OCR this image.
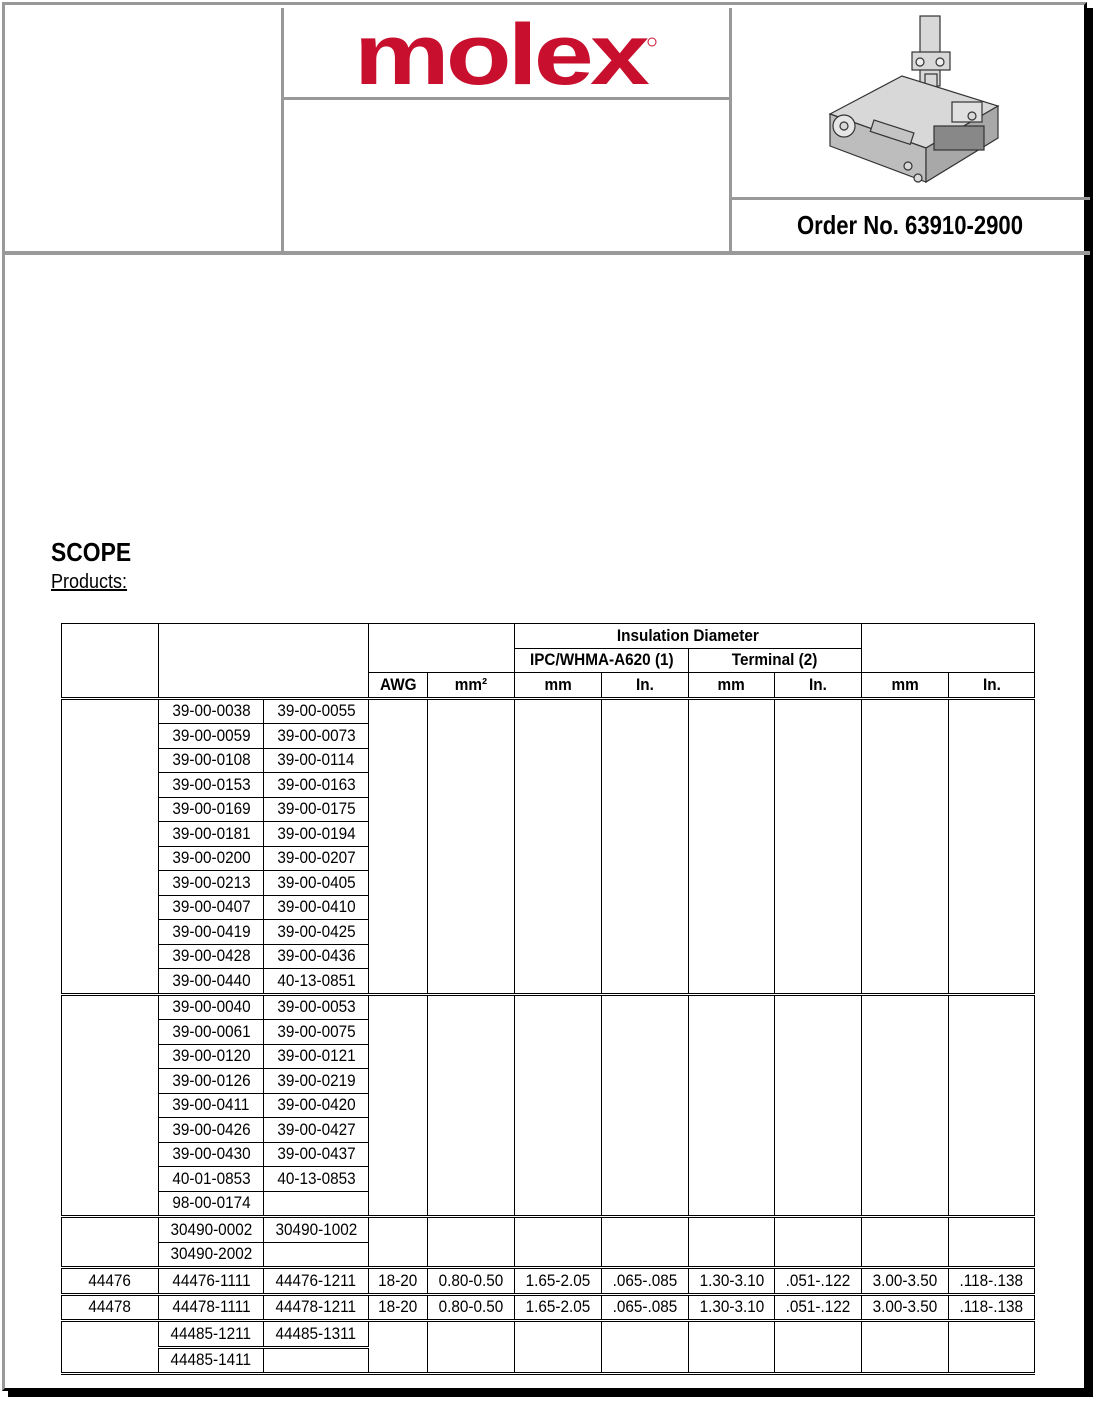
molex
Order No. 63910-2900
SCOPE
Products:
					Insulation Diameter					
					IPC/WHMA-A620 (1)		Terminal (2)			
			AWG	mm²	mm	In.	mm	In.	mm	In.
	39-00-0038	39-00-0055								
	39-00-0059	39-00-0073								
	39-00-0108	39-00-0114								
	39-00-0153	39-00-0163								
	39-00-0169	39-00-0175								
	39-00-0181	39-00-0194								
	39-00-0200	39-00-0207								
	39-00-0213	39-00-0405								
	39-00-0407	39-00-0410								
	39-00-0419	39-00-0425								
	39-00-0428	39-00-0436								
	39-00-0440	40-13-0851								
	39-00-0040	39-00-0053								
	39-00-0061	39-00-0075								
	39-00-0120	39-00-0121								
	39-00-0126	39-00-0219								
	39-00-0411	39-00-0420								
	39-00-0426	39-00-0427								
	39-00-0430	39-00-0437								
	40-01-0853	40-13-0853								
	98-00-0174									
	30490-0002	30490-1002								
	30490-2002									
44476	44476-1111	44476-1211	18-20	0.80-0.50	1.65-2.05	.065-.085	1.30-3.10	.051-.122	3.00-3.50	.118-.138
44478	44478-1111	44478-1211	18-20	0.80-0.50	1.65-2.05	.065-.085	1.30-3.10	.051-.122	3.00-3.50	.118-.138
	44485-1211	44485-1311								
	44485-1411									
